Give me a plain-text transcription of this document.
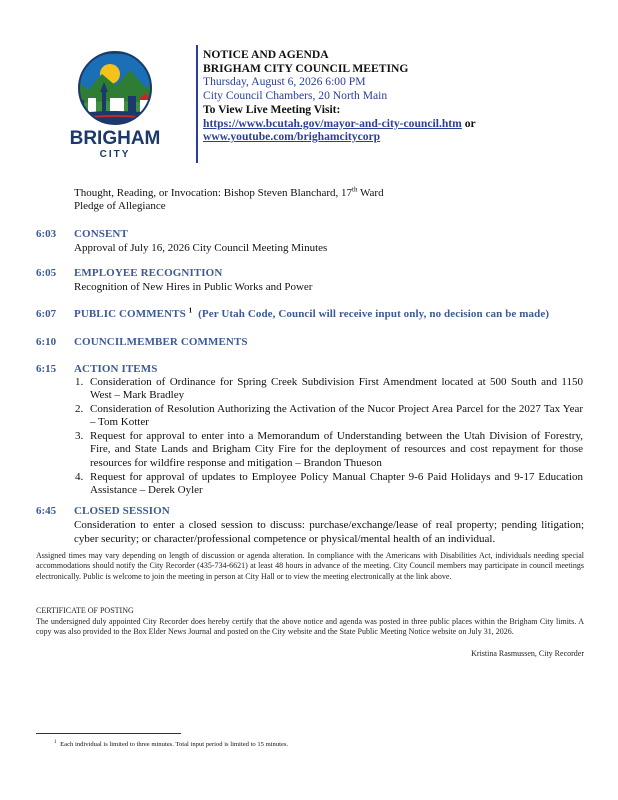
BRIGHAM
CITY
NOTICE AND AGENDA
BRIGHAM CITY COUNCIL MEETING
Thursday, August 6, 2026 6:00 PM
City Council Chambers, 20 North Main
To View Live Meeting Visit:
https://www.bcutah.gov/mayor-and-city-council.htm or
www.youtube.com/brighamcitycorp
Thought, Reading, or Invocation: Bishop Steven Blanchard, 17th Ward
Pledge of Allegiance
6:03 CONSENT
Approval of July 16, 2026 City Council Meeting Minutes
6:05 EMPLOYEE RECOGNITION
Recognition of New Hires in Public Works and Power
6:07 PUBLIC COMMENTS $^1$ (Per Utah Code, Council will receive input only, no decision can be made)
6:10 COUNCILMEMBER COMMENTS
6:15 ACTION ITEMS
1. Consideration of Ordinance for Spring Creek Subdivision First Amendment located at 500 South and 1150 West – Mark Bradley
2. Consideration of Resolution Authorizing the Activation of the Nucor Project Area Parcel for the 2027 Tax Year – Tom Kotter
3. Request for approval to enter into a Memorandum of Understanding between the Utah Division of Forestry, Fire, and State Lands and Brigham City Fire for the deployment of resources and cost repayment for those resources for wildfire response and mitigation – Brandon Thueson
4. Request for approval of updates to Employee Policy Manual Chapter 9-6 Paid Holidays and 9-17 Education Assistance – Derek Oyler
6:45 CLOSED SESSION
Consideration to enter a closed session to discuss: purchase/exchange/lease of real property; pending litigation; cyber security; or character/professional competence or physical/mental health of an individual.
Assigned times may vary depending on length of discussion or agenda alteration. In compliance with the Americans with Disabilities Act, individuals needing special accommodations should notify the City Recorder (435-734-6621) at least 48 hours in advance of the meeting. City Council members may participate in council meetings electronically. Public is welcome to join the meeting in person at City Hall or to view the meeting electronically at the link above.
CERTIFICATE OF POSTING
The undersigned duly appointed City Recorder does hereby certify that the above notice and agenda was posted in three public places within the Brigham City limits. A copy was also provided to the Box Elder News Journal and posted on the City website and the State Public Meeting Notice website on July 31, 2026.
Kristina Rasmussen, City Recorder
$^1$ Each individual is limited to three minutes. Total input period is limited to 15 minutes.
